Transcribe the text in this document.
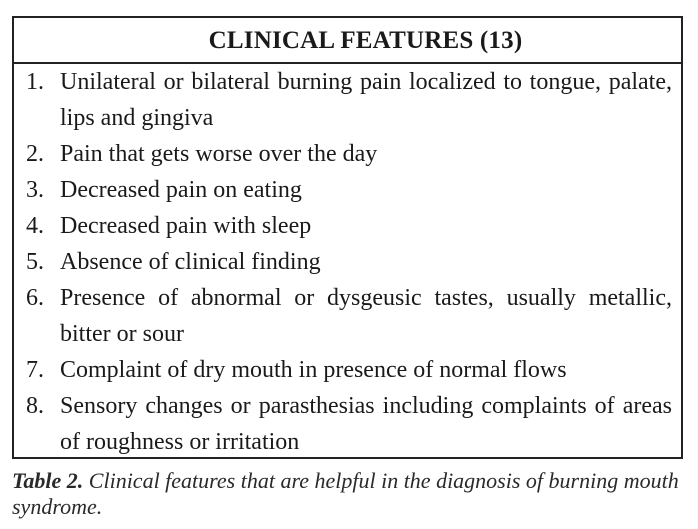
CLINICAL FEATURES (13)
1. Unilateral or bilateral burning pain localized to tongue, palate, lips and gingiva
2. Pain that gets worse over the day
3. Decreased pain on eating
4. Decreased pain with sleep
5. Absence of clinical finding
6. Presence of abnormal or dysgeusic tastes, usually metallic, bitter or sour
7. Complaint of dry mouth in presence of normal flows
8. Sensory changes or parasthesias including complaints of areas of roughness or irritation
Table 2. Clinical features that are helpful in the diagnosis of burning mouth syndrome.
